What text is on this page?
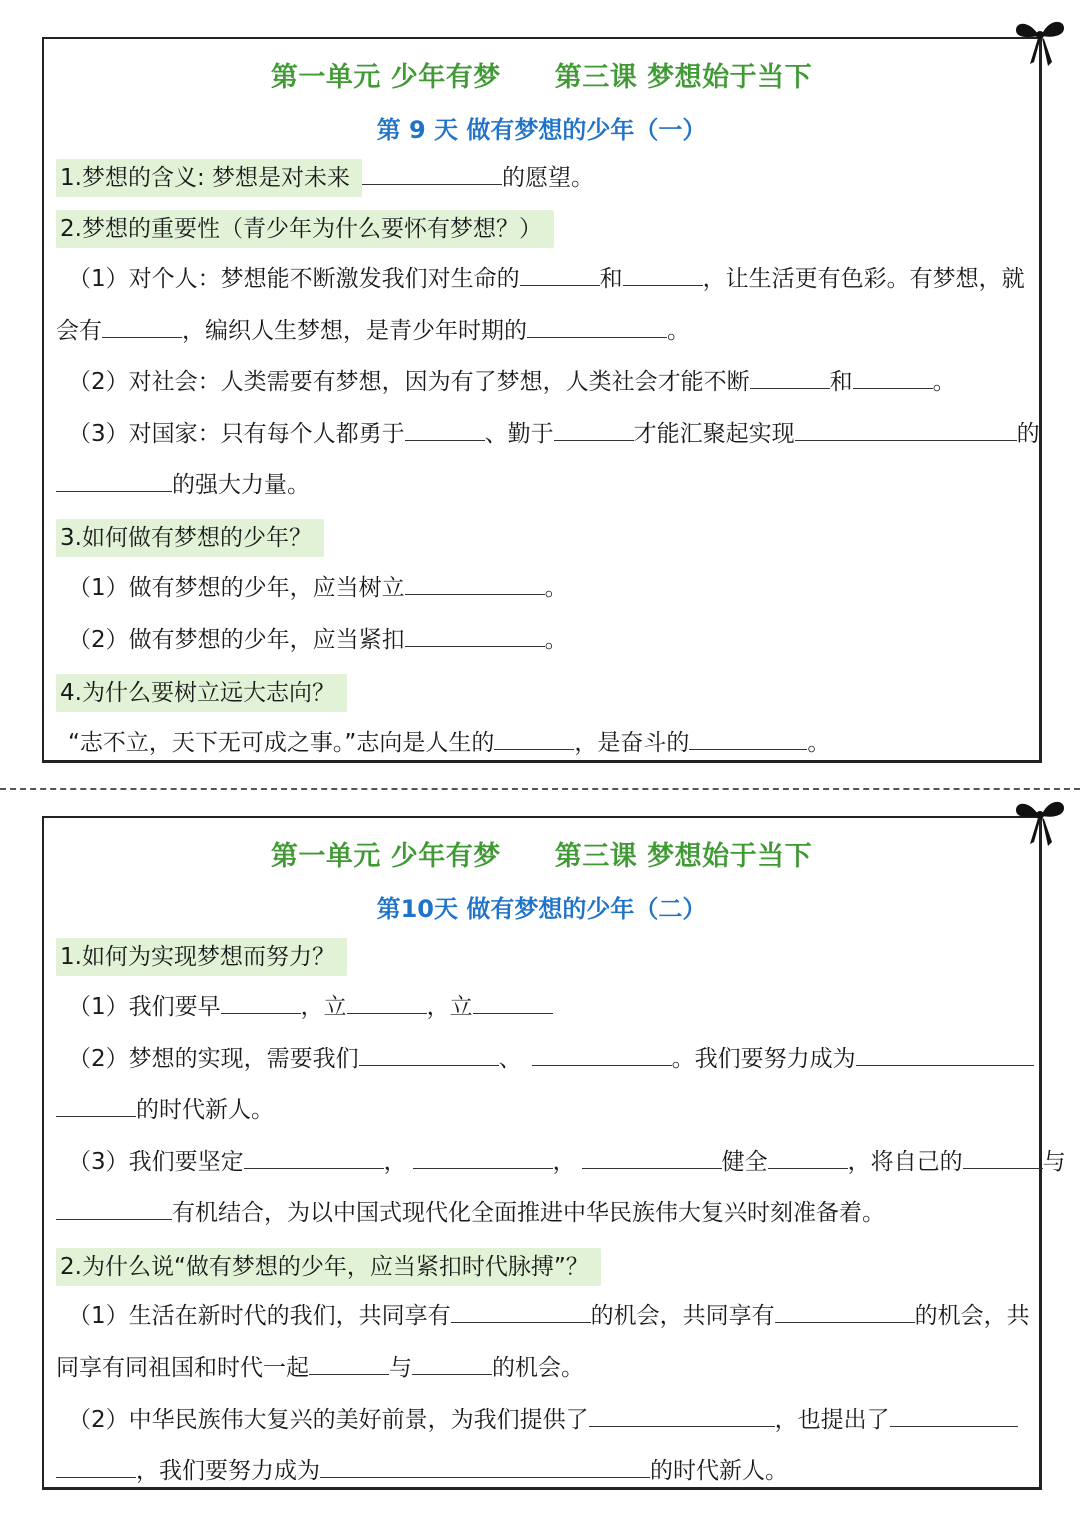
第一单元 少年有梦 第三课 梦想始于当下
第 9 天 做有梦想的少年（一）
1.梦想的含义: 梦想是对未来	的愿望。
2.梦想的重要性（青少年为什么要怀有梦想？）
（1）对个人：梦想能不断激发我们对生命的	和	，让生活更有色彩。有梦想，就
会有	，编织人生梦想，是青少年时期的	。
（2）对社会：人类需要有梦想，因为有了梦想，人类社会才能不断	和	。
（3）对国家：只有每个人都勇于	、勤于	才能汇聚起实现	的
的强大力量。
3.如何做有梦想的少年？
（1）做有梦想的少年，应当树立	。
（2）做有梦想的少年，应当紧扣	。
4.为什么要树立远大志向？
“志不立，天下无可成之事。”志向是人生的	，是奋斗的	。
第一单元 少年有梦 第三课 梦想始于当下
第10天 做有梦想的少年（二）
1.如何为实现梦想而努力？
（1）我们要早	，立	，立
（2）梦想的实现，需要我们	、	。我们要努力成为
的时代新人。
（3）我们要坚定	，	，	健全	，将自己的	与
有机结合，为以中国式现代化全面推进中华民族伟大复兴时刻准备着。
2.为什么说“做有梦想的少年，应当紧扣时代脉搏”？
（1）生活在新时代的我们，共同享有	的机会，共同享有	的机会，共
同享有同祖国和时代一起	与	的机会。
（2）中华民族伟大复兴的美好前景，为我们提供了	，也提出了
，我们要努力成为	的时代新人。
